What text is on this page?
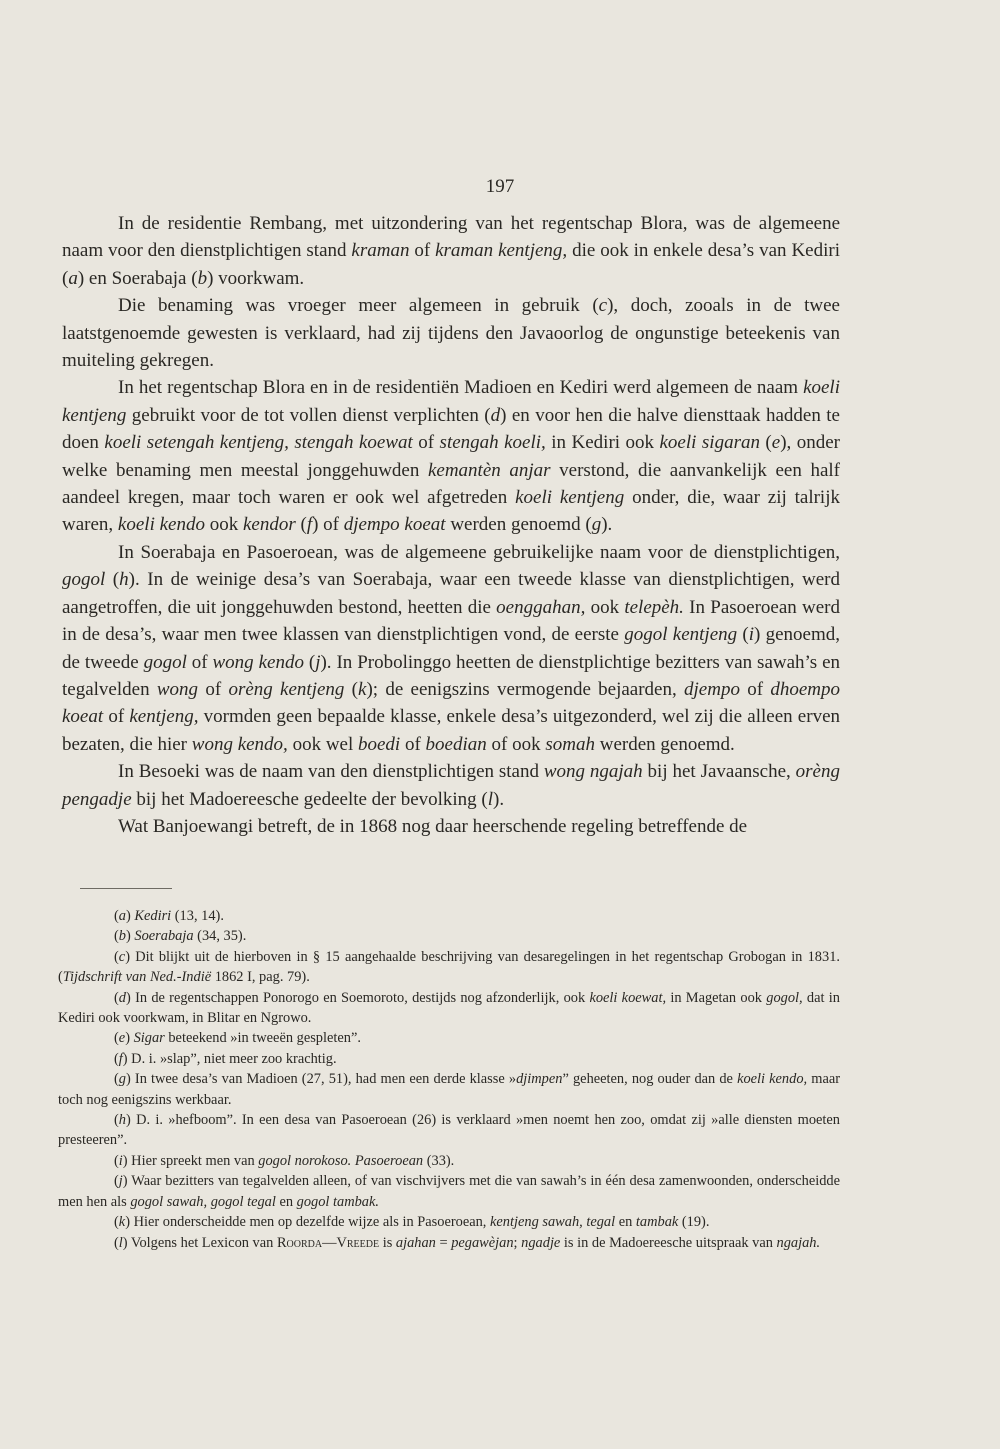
197

In de residentie Rembang, met uitzondering van het regentschap Blora, was de algemeene naam voor den dienstplichtigen stand kraman of kraman kentjeng, die ook in enkele desa’s van Kediri (a) en Soerabaja (b) voorkwam.

Die benaming was vroeger meer algemeen in gebruik (c), doch, zooals in de twee laatstgenoemde gewesten is verklaard, had zij tijdens den Javaoorlog de ongunstige beteekenis van muiteling gekregen.

In het regentschap Blora en in de residentiën Madioen en Kediri werd algemeen de naam koeli kentjeng gebruikt voor de tot vollen dienst verplichten (d) en voor hen die halve diensttaak hadden te doen koeli setengah kentjeng, stengah koewat of stengah koeli, in Kediri ook koeli sigaran (e), onder welke benaming men meestal jonggehuwden kemantèn anjar verstond, die aanvankelijk een half aandeel kregen, maar toch waren er ook wel afgetreden koeli kentjeng onder, die, waar zij talrijk waren, koeli kendo ook kendor (f) of djempo koeat werden genoemd (g).

In Soerabaja en Pasoeroean, was de algemeene gebruikelijke naam voor de dienstplichtigen, gogol (h). In de weinige desa’s van Soerabaja, waar een tweede klasse van dienstplichtigen, werd aangetroffen, die uit jonggehuwden bestond, heetten die oenggahan, ook telepèh. In Pasoeroean werd in de desa’s, waar men twee klassen van dienstplichtigen vond, de eerste gogol kentjeng (i) genoemd, de tweede gogol of wong kendo (j). In Probolinggo heetten de dienstplichtige bezitters van sawah’s en tegalvelden wong of orèng kentjeng (k); de eenigszins vermogende bejaarden, djempo of dhoempo koeat of kentjeng, vormden geen bepaalde klasse, enkele desa’s uitgezonderd, wel zij die alleen erven bezaten, die hier wong kendo, ook wel boedi of boedian of ook somah werden genoemd.

In Besoeki was de naam van den dienstplichtigen stand wong ngajah bij het Javaansche, orèng pengadje bij het Madoereesche gedeelte der bevolking (l).

Wat Banjoewangi betreft, de in 1868 nog daar heerschende regeling betreffende de

(a) Kediri (13, 14).

(b) Soerabaja (34, 35).

(c) Dit blijkt uit de hierboven in § 15 aangehaalde beschrijving van desaregelingen in het regentschap Grobogan in 1831. (Tijdschrift van Ned.-Indië 1862 I, pag. 79).

(d) In de regentschappen Ponorogo en Soemoroto, destijds nog afzonderlijk, ook koeli koewat, in Magetan ook gogol, dat in Kediri ook voorkwam, in Blitar en Ngrowo.

(e) Sigar beteekend »in tweeën gespleten”.

(f) D. i. »slap”, niet meer zoo krachtig.

(g) In twee desa’s van Madioen (27, 51), had men een derde klasse »djimpen” geheeten, nog ouder dan de koeli kendo, maar toch nog eenigszins werkbaar.

(h) D. i. »hefboom”. In een desa van Pasoeroean (26) is verklaard »men noemt hen zoo, omdat zij »alle diensten moeten presteeren”.

(i) Hier spreekt men van gogol norokoso. Pasoeroean (33).

(j) Waar bezitters van tegalvelden alleen, of van vischvijvers met die van sawah’s in één desa zamenwoonden, onderscheidde men hen als gogol sawah, gogol tegal en gogol tambak.

(k) Hier onderscheidde men op dezelfde wijze als in Pasoeroean, kentjeng sawah, tegal en tambak (19).

(l) Volgens het Lexicon van Roorda—Vreede is ajahan = pegawèjan; ngadje is in de Madoereesche uitspraak van ngajah.
